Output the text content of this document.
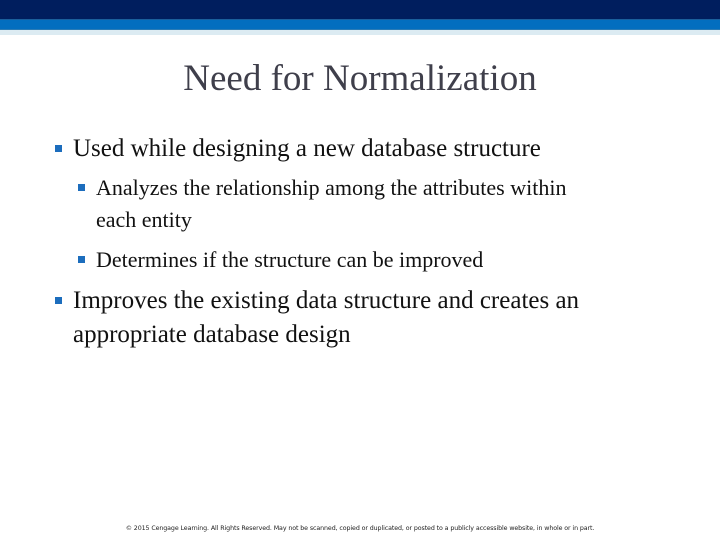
Need for Normalization
Used while designing a new database structure
Analyzes the relationship among the attributes within
each entity
Determines if the structure can be improved
Improves the existing data structure and creates an
appropriate database design
© 2015 Cengage Learning. All Rights Reserved. May not be scanned, copied or duplicated, or posted to a publicly accessible website, in whole or in part.
